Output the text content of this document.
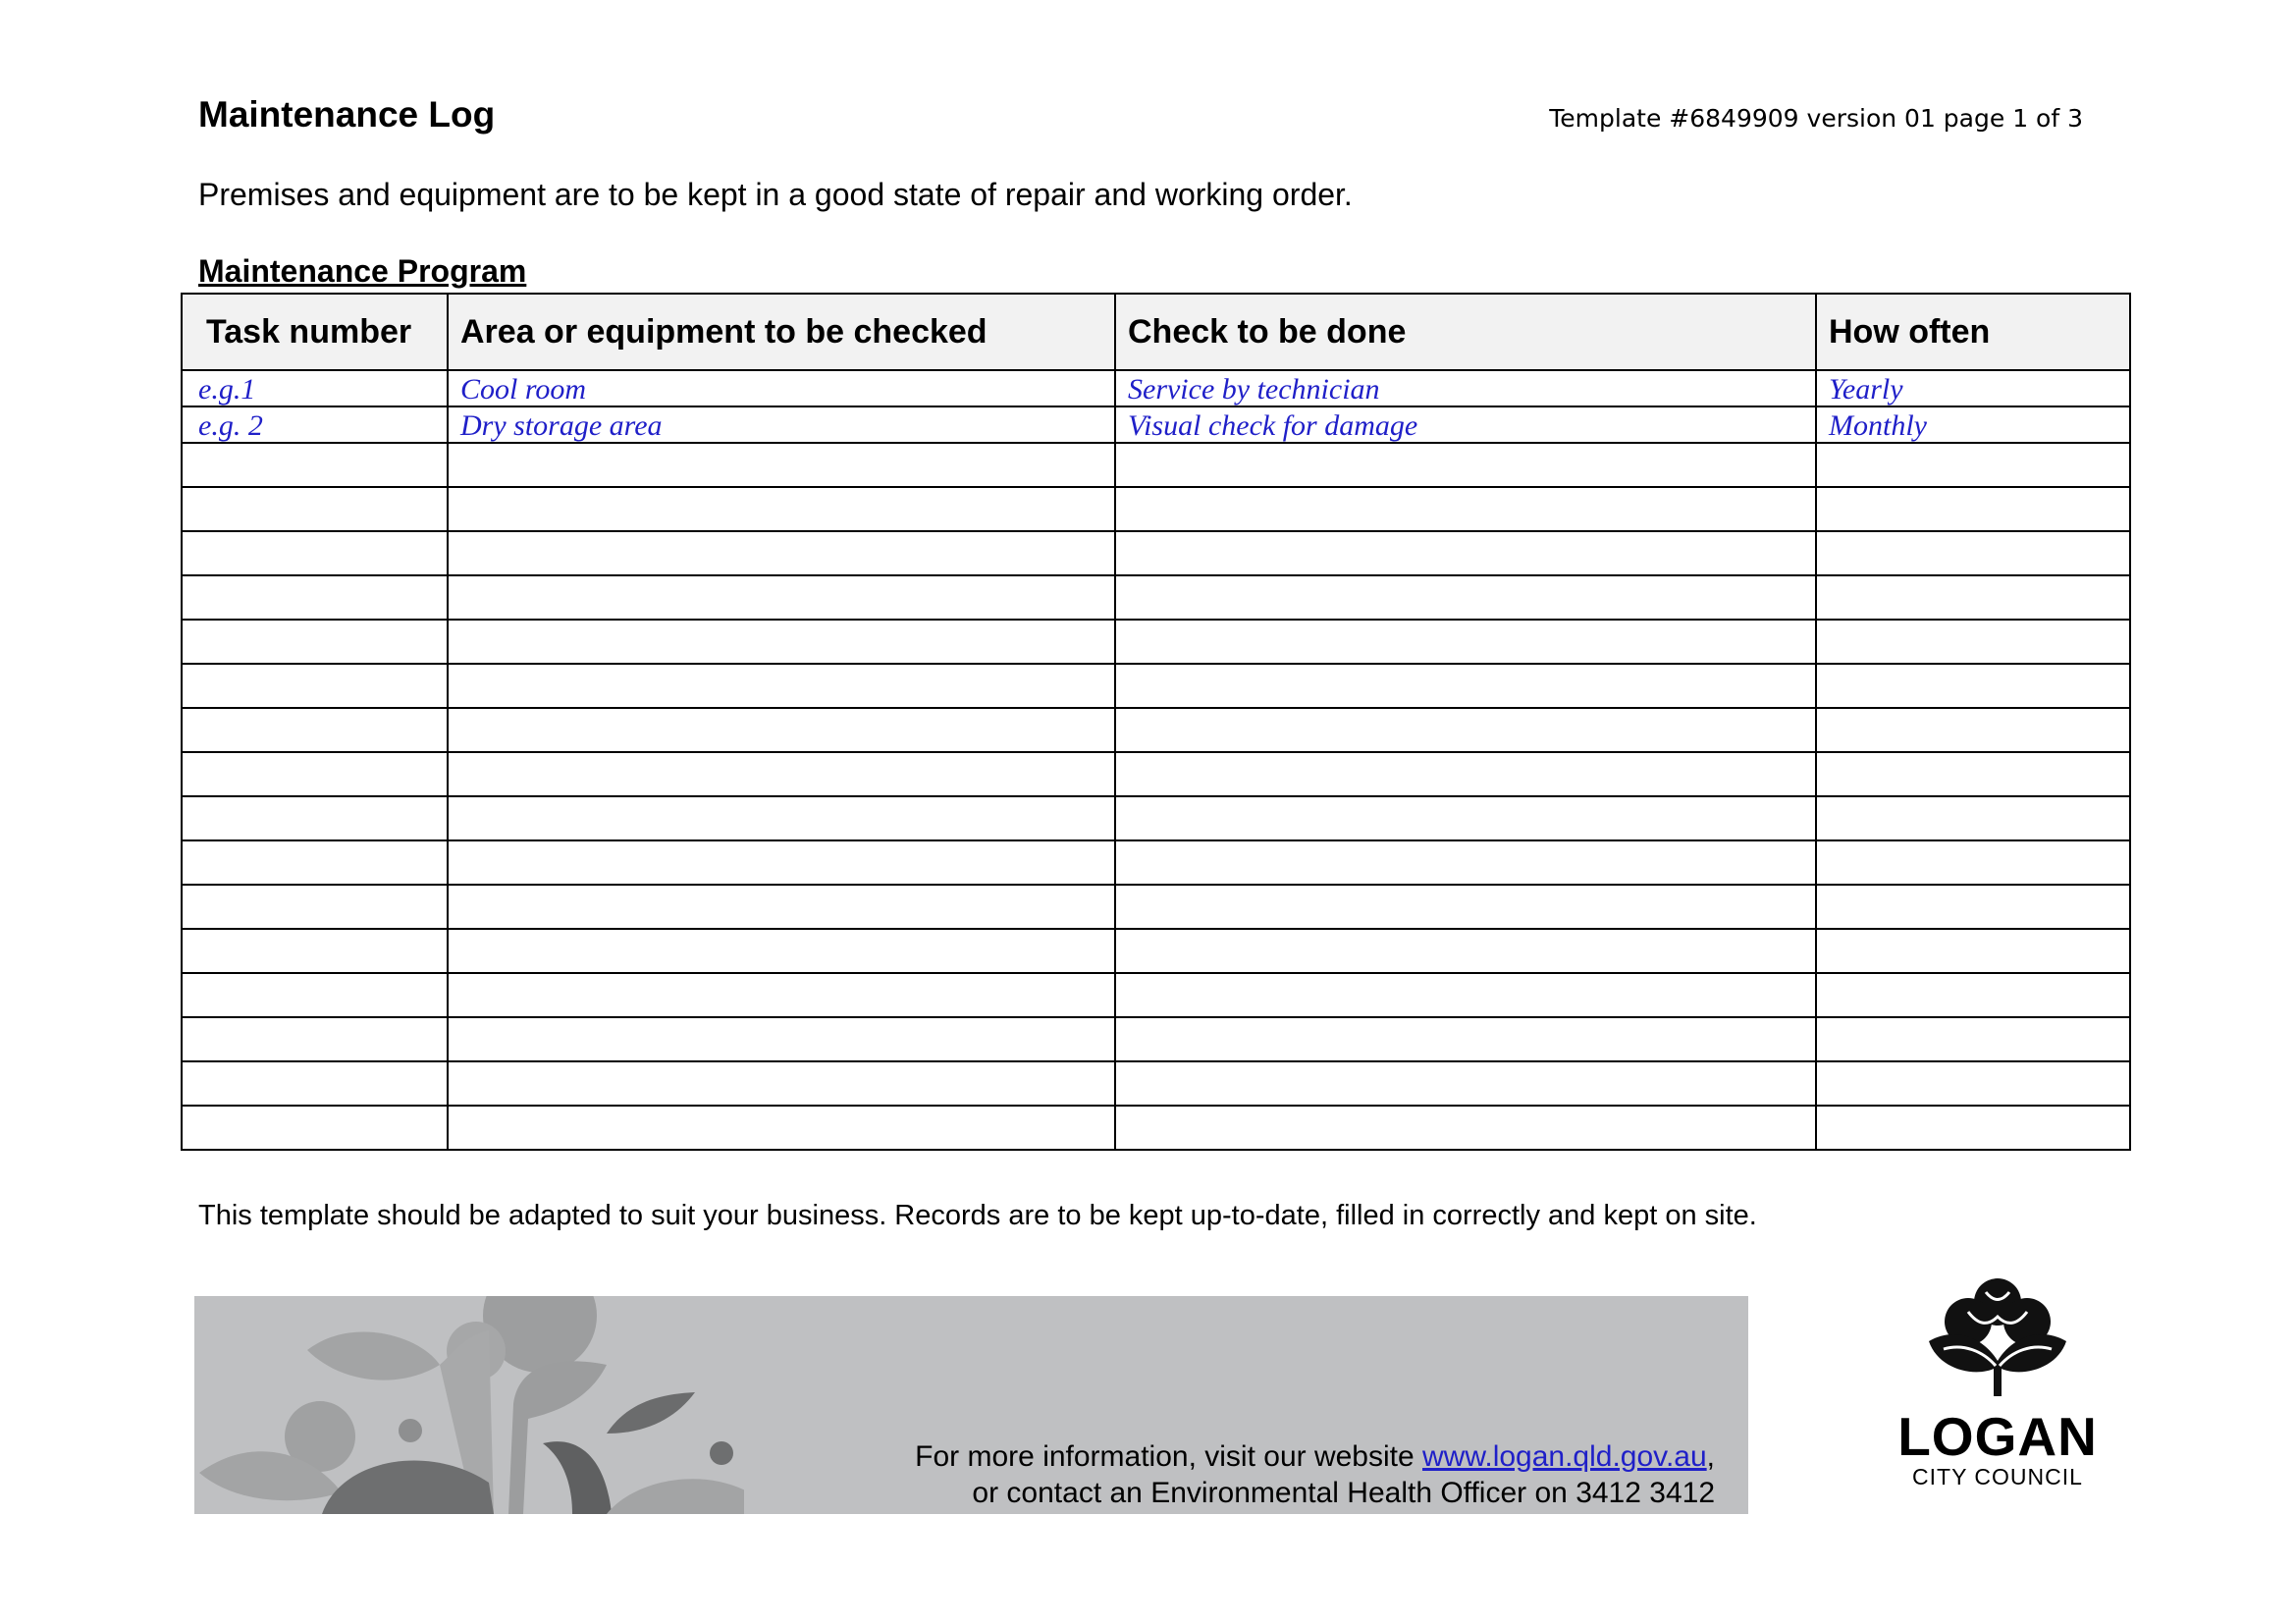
Maintenance Log	Template #6849909 version 01 page 1 of 3
Premises and equipment are to be kept in a good state of repair and working order.
Maintenance Program
Task number	Area or equipment to be checked	Check to be done	How often
e.g.1	Cool room	Service by technician	Yearly
e.g. 2	Dry storage area	Visual check for damage	Monthly

This template should be adapted to suit your business. Records are to be kept up-to-date, filled in correctly and kept on site.
For more information, visit our website www.logan.qld.gov.au,
or contact an Environmental Health Officer on 3412 3412
LOGAN
CITY COUNCIL
